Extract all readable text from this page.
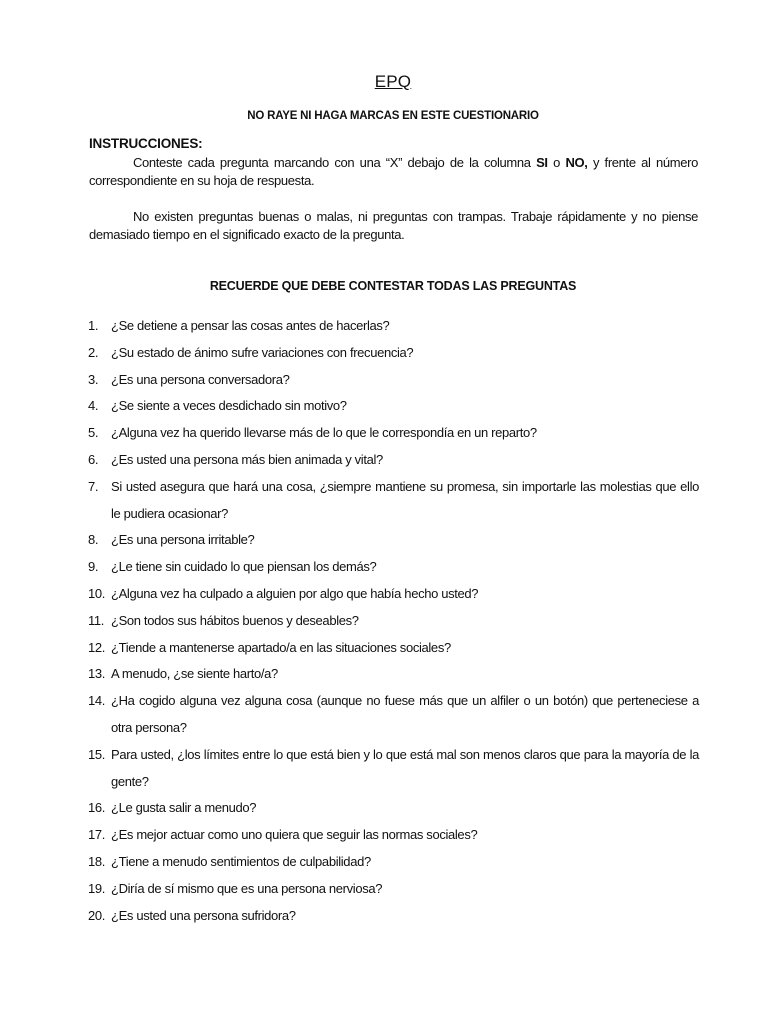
EPQ
NO RAYE NI HAGA MARCAS EN ESTE CUESTIONARIO
INSTRUCCIONES:

Conteste cada pregunta marcando con una “X” debajo de la columna SI o NO, y frente al número correspondiente en su hoja de respuesta.

No existen preguntas buenas o malas, ni preguntas con trampas. Trabaje rápidamente y no piense demasiado tiempo en el significado exacto de la pregunta.

RECUERDE QUE DEBE CONTESTAR TODAS LAS PREGUNTAS
1. ¿Se detiene a pensar las cosas antes de hacerlas?
2. ¿Su estado de ánimo sufre variaciones con frecuencia?
3. ¿Es una persona conversadora?
4. ¿Se siente a veces desdichado sin motivo?
5. ¿Alguna vez ha querido llevarse más de lo que le correspondía en un reparto?
6. ¿Es usted una persona más bien animada y vital?
7. Si usted asegura que hará una cosa, ¿siempre mantiene su promesa, sin importarle las molestias que ello le pudiera ocasionar?
8. ¿Es una persona irritable?
9. ¿Le tiene sin cuidado lo que piensan los demás?
10. ¿Alguna vez ha culpado a alguien por algo que había hecho usted?
11. ¿Son todos sus hábitos buenos y deseables?
12. ¿Tiende a mantenerse apartado/a en las situaciones sociales?
13. A menudo, ¿se siente harto/a?
14. ¿Ha cogido alguna vez alguna cosa (aunque no fuese más que un alfiler o un botón) que perteneciese a otra persona?
15. Para usted, ¿los límites entre lo que está bien y lo que está mal son menos claros que para la mayoría de la gente?
16. ¿Le gusta salir a menudo?
17. ¿Es mejor actuar como uno quiera que seguir las normas sociales?
18. ¿Tiene a menudo sentimientos de culpabilidad?
19. ¿Diría de sí mismo que es una persona nerviosa?
20. ¿Es usted una persona sufridora?
